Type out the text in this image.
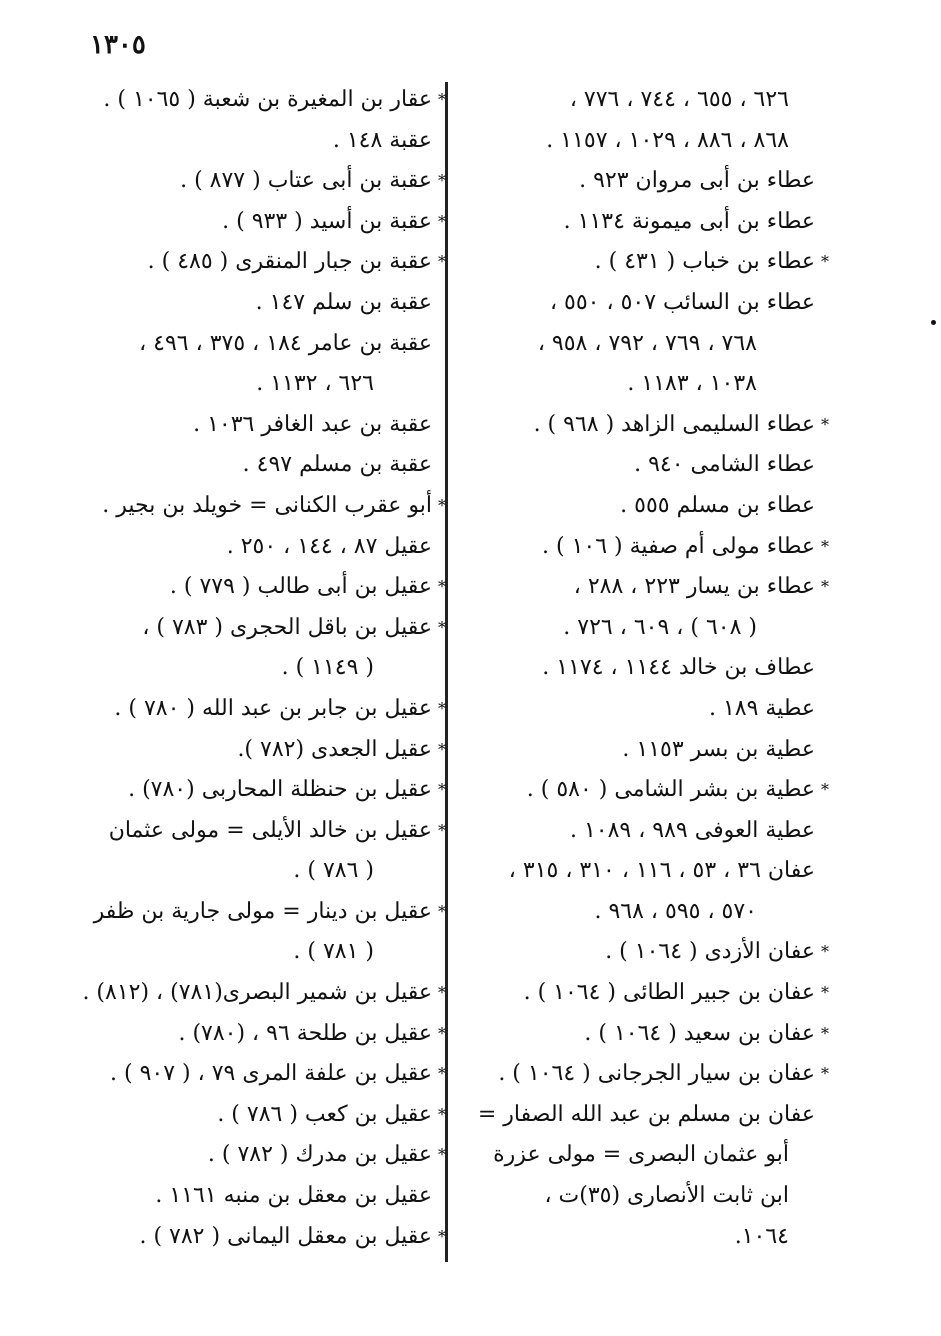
١٣٠٥
٦٢٦ ، ٦٥٥ ، ٧٤٤ ، ٧٧٦ ،
٨٦٨ ، ٨٨٦ ، ١٠٢٩ ، ١١٥٧ .
عطاء بن أبى مروان ٩٢٣ .
عطاء بن أبى ميمونة ١١٣٤ .
*
عطاء بن خباب ( ٤٣١ ) .
عطاء بن السائب ٥٠٧ ، ٥٥٠ ،
٧٦٨ ، ٧٦٩ ، ٧٩٢ ، ٩٥٨ ،
١٠٣٨ ، ١١٨٣ .
*
عطاء السليمى الزاهد ( ٩٦٨ ) .
عطاء الشامى ٩٤٠ .
عطاء بن مسلم ٥٥٥ .
*
عطاء مولى أم صفية ( ١٠٦ ) .
*
عطاء بن يسار ٢٢٣ ، ٢٨٨ ،
( ٦٠٨ ) ، ٦٠٩ ، ٧٢٦ .
عطاف بن خالد ١١٤٤ ، ١١٧٤ .
عطية ١٨٩ .
عطية بن بسر ١١٥٣ .
*
عطية بن بشر الشامى ( ٥٨٠ ) .
عطية العوفى ٩٨٩ ، ١٠٨٩ .
عفان ٣٦ ، ٥٣ ، ١١٦ ، ٣١٠ ، ٣١٥ ،
٥٧٠ ، ٥٩٥ ، ٩٦٨ .
*
عفان الأزدى ( ١٠٦٤ ) .
*
عفان بن جبير الطائى ( ١٠٦٤ ) .
*
عفان بن سعيد ( ١٠٦٤ ) .
*
عفان بن سيار الجرجانى ( ١٠٦٤ ) .
عفان بن مسلم بن عبد الله الصفار =
أبو عثمان البصرى = مولى عزرة
ابن ثابت الأنصارى (٣٥)ت ،
١٠٦٤.
*
عقار بن المغيرة بن شعبة ( ١٠٦٥ ) .
عقبة ١٤٨ .
*
عقبة بن أبى عتاب ( ٨٧٧ ) .
*
عقبة بن أسيد ( ٩٣٣ ) .
*
عقبة بن جبار المنقرى ( ٤٨٥ ) .
عقبة بن سلم ١٤٧ .
عقبة بن عامر ١٨٤ ، ٣٧٥ ، ٤٩٦ ،
٦٢٦ ، ١١٣٢ .
عقبة بن عبد الغافر ١٠٣٦ .
عقبة بن مسلم ٤٩٧ .
*
أبو عقرب الكنانى = خويلد بن بجير .
عقيل ٨٧ ، ١٤٤ ، ٢٥٠ .
*
عقيل بن أبى طالب ( ٧٧٩ ) .
*
عقيل بن باقل الحجرى ( ٧٨٣ ) ،
( ١١٤٩ ) .
*
عقيل بن جابر بن عبد الله ( ٧٨٠ ) .
*
عقيل الجعدى (٧٨٢ ).
*
عقيل بن حنظلة المحاربى (٧٨٠) .
*
عقيل بن خالد الأيلى = مولى عثمان
( ٧٨٦ ) .
*
عقيل بن دينار = مولى جارية بن ظفر
( ٧٨١ ) .
*
عقيل بن شمير البصرى(٧٨١) ، (٨١٢) .
*
عقيل بن طلحة ٩٦ ، (٧٨٠) .
*
عقيل بن علفة المرى ٧٩ ، ( ٩٠٧ ) .
*
عقيل بن كعب ( ٧٨٦ ) .
*
عقيل بن مدرك ( ٧٨٢ ) .
عقيل بن معقل بن منبه ١١٦١ .
*
عقيل بن معقل اليمانى ( ٧٨٢ ) .
